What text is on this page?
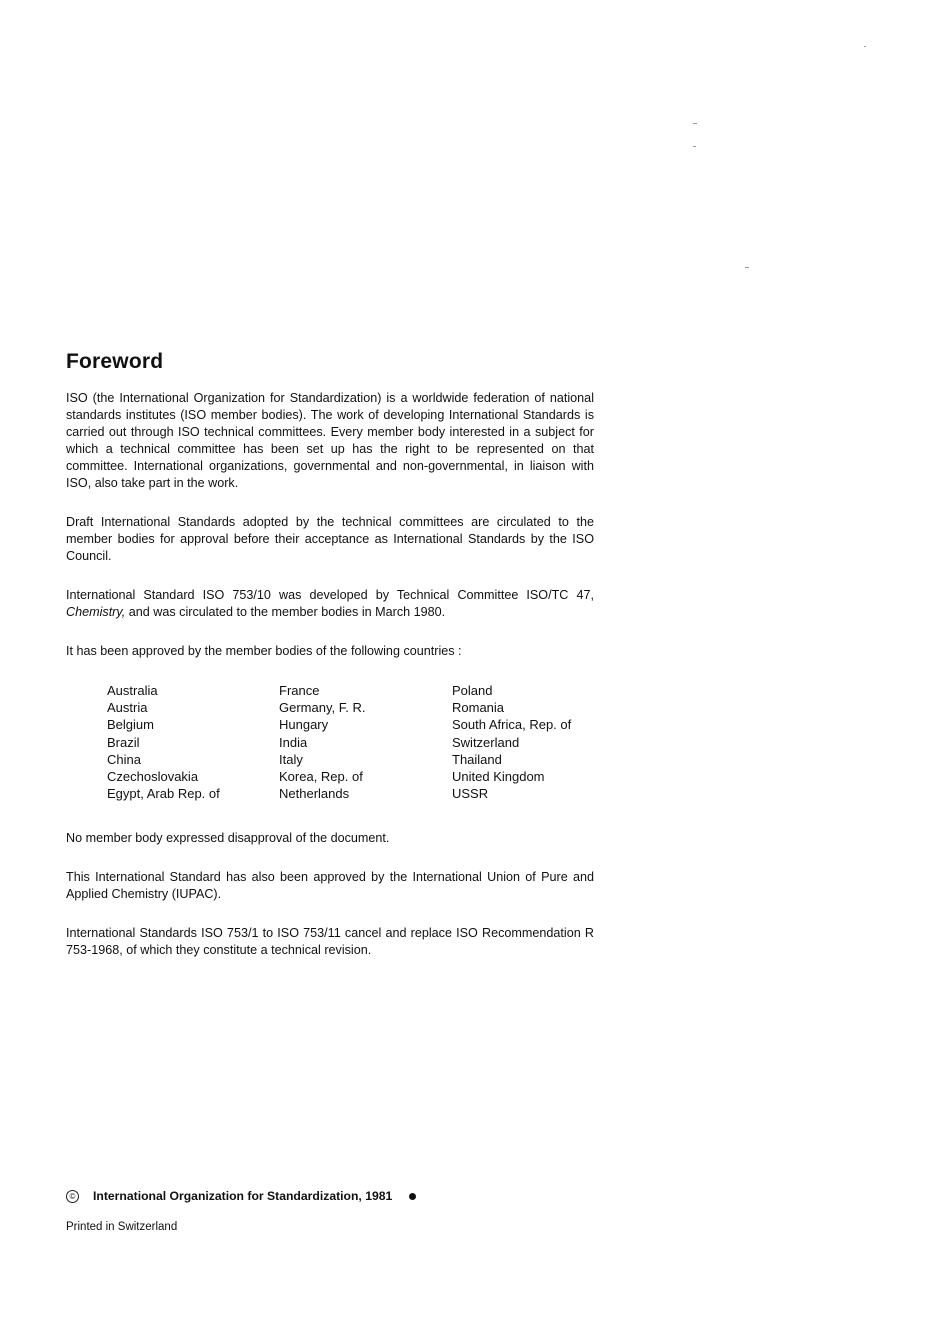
Foreword

ISO (the International Organization for Standardization) is a worldwide federation of national standards institutes (ISO member bodies). The work of developing International Standards is carried out through ISO technical committees. Every member body interested in a subject for which a technical committee has been set up has the right to be represented on that committee. International organizations, governmental and non-governmental, in liaison with ISO, also take part in the work.

Draft International Standards adopted by the technical committees are circulated to the member bodies for approval before their acceptance as International Standards by the ISO Council.

International Standard ISO 753/10 was developed by Technical Committee ISO/TC 47, Chemistry, and was circulated to the member bodies in March 1980.

It has been approved by the member bodies of the following countries :

Australia
Austria
Belgium
Brazil
China
Czechoslovakia
Egypt, Arab Rep. of
France
Germany, F. R.
Hungary
India
Italy
Korea, Rep. of
Netherlands
Poland
Romania
South Africa, Rep. of
Switzerland
Thailand
United Kingdom
USSR

No member body expressed disapproval of the document.

This International Standard has also been approved by the International Union of Pure and Applied Chemistry (IUPAC).

International Standards ISO 753/1 to ISO 753/11 cancel and replace ISO Recommendation R 753-1968, of which they constitute a technical revision.

© International Organization for Standardization, 1981
Printed in Switzerland
